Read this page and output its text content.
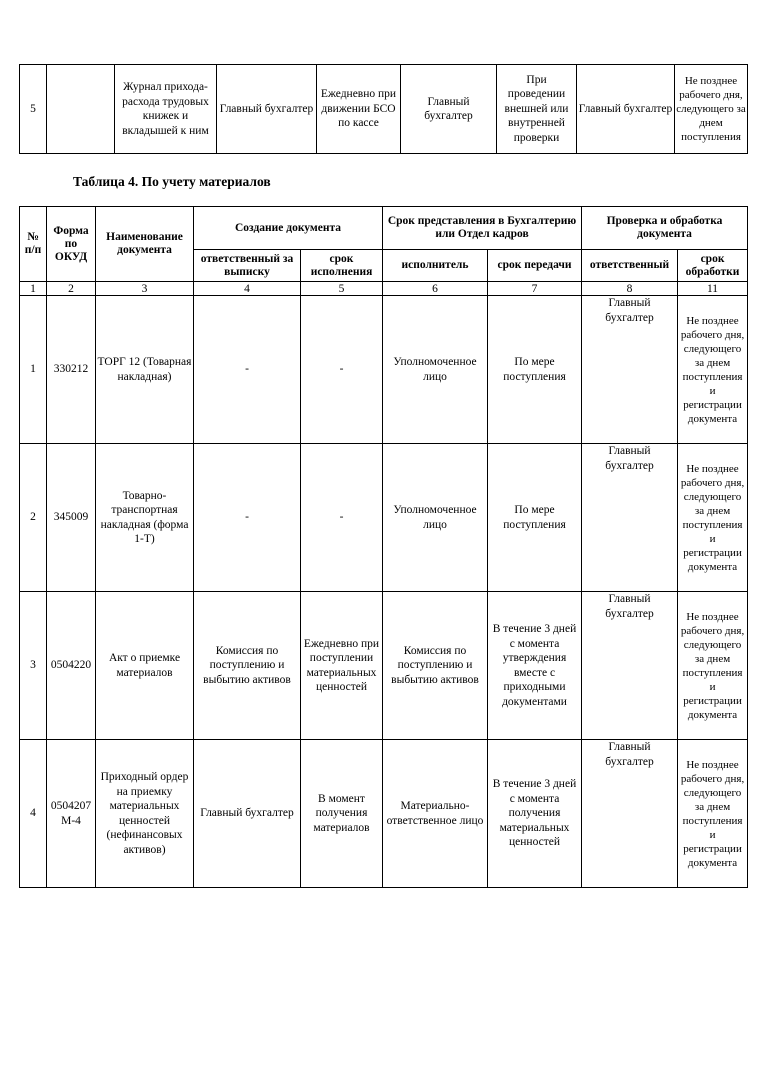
5		Журнал прихода-расхода трудовых книжек и вкладышей к ним	Главный бухгалтер	Ежедневно при движении БСО по кассе	Главный бухгалтер	При проведении внешней или внутренней проверки	Главный бухгалтер	Не позднее рабочего дня, следующего за днем поступления
Таблица 4. По учету материалов
№ п/п	Форма по ОКУД	Наименование документа	Создание документа		Срок представления в Бухгалтерию или Отдел кадров		Проверка и обработка документа	
			ответственный за выписку	срок исполнения	исполнитель	срок передачи	ответственный	срок обработки
1	2	3	4	5	6	7	8	11
1	330212	ТОРГ 12 (Товарная накладная)	-	-	Уполномоченное лицо	По мере поступления	Главный бухгалтер	Не позднее рабочего дня, следующего за днем поступления и регистрации документа
2	345009	Товарно-транспортная накладная (форма 1-Т)	-	-	Уполномоченное лицо	По мере поступления	Главный бухгалтер	Не позднее рабочего дня, следующего за днем поступления и регистрации документа
3	0504220	Акт о приемке материалов	Комиссия по поступлению и выбытию активов	Ежедневно при поступлении материальных ценностей	Комиссия по поступлению и выбытию активов	В течение 3 дней с момента утверждения вместе с приходными документами	Главный бухгалтер	Не позднее рабочего дня, следующего за днем поступления и регистрации документа
4	0504207 М-4	Приходный ордер на приемку материальных ценностей (нефинансовых активов)	Главный бухгалтер	В момент получения материалов	Материально-ответственное лицо	В течение 3 дней с момента получения материальных ценностей	Главный бухгалтер	Не позднее рабочего дня, следующего за днем поступления и регистрации документа
